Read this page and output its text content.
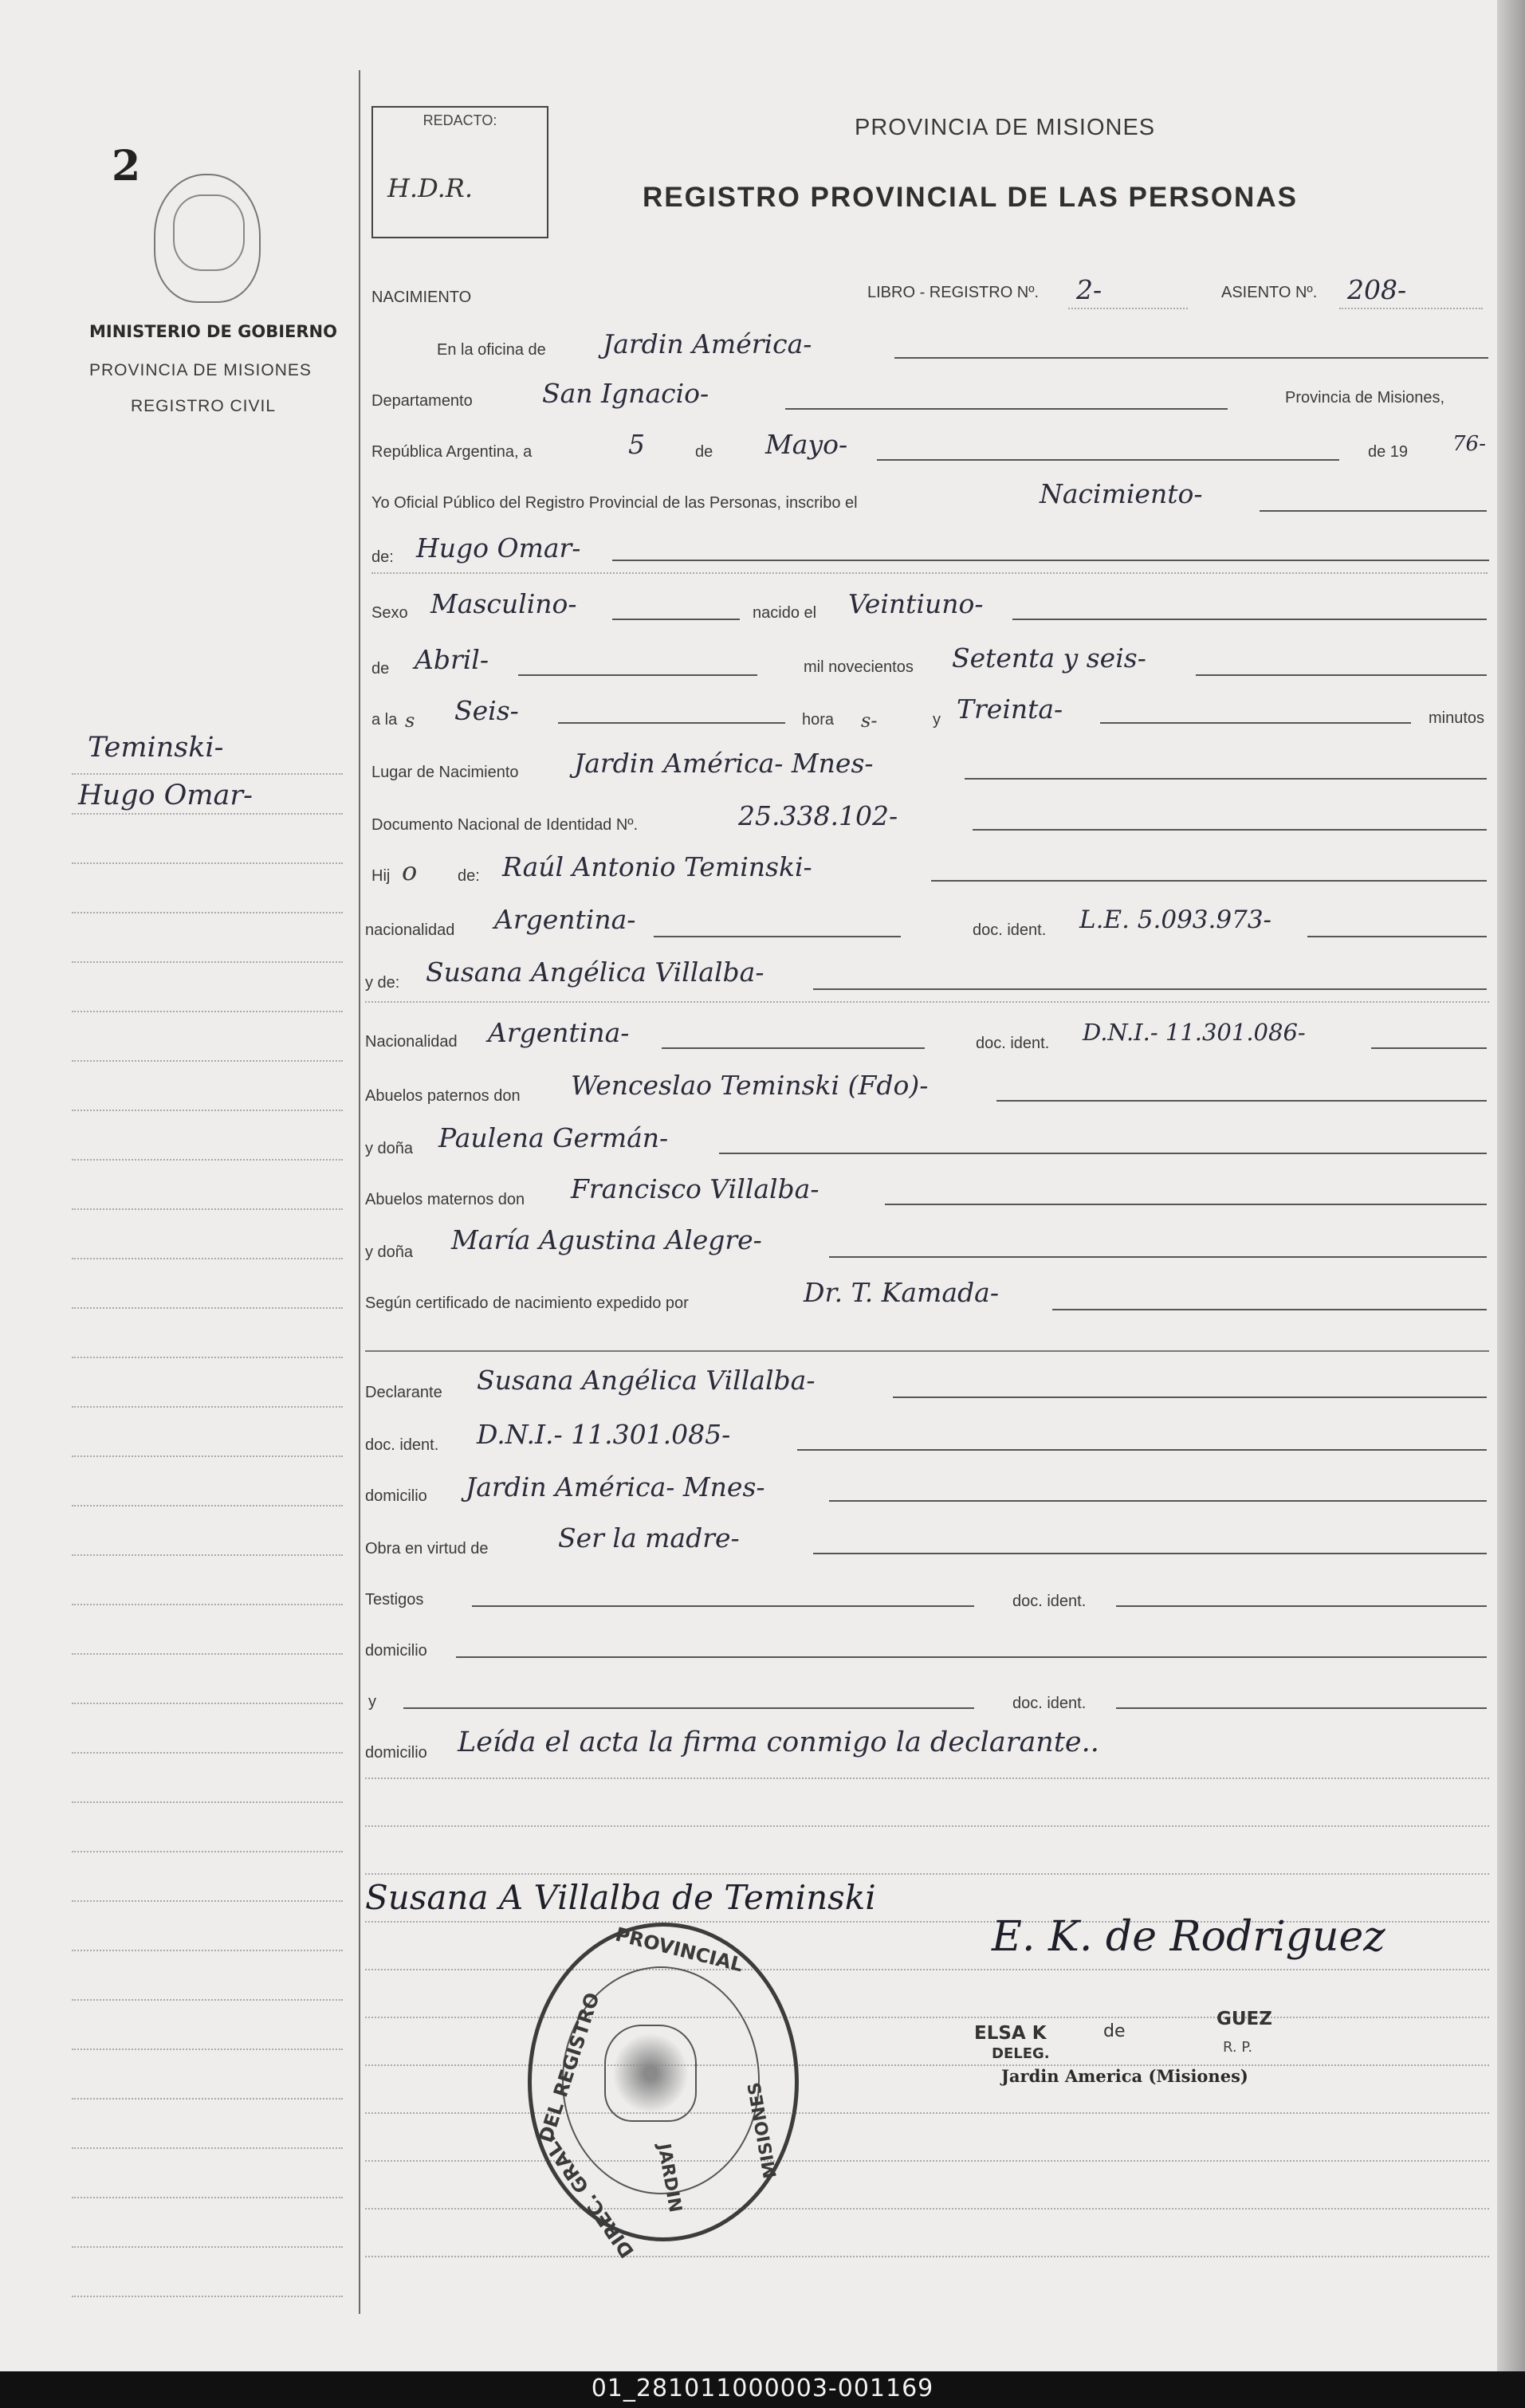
2
MINISTERIO DE GOBIERNO
PROVINCIA DE MISIONES
REGISTRO CIVIL
Teminski-
Hugo Omar-
REDACTO:
H.D.R.
PROVINCIA DE MISIONES
REGISTRO PROVINCIAL DE LAS PERSONAS
NACIMIENTO	LIBRO - REGISTRO Nº. 2-	ASIENTO Nº. 208-
En la oficina de Jardin América-
Departamento	San Ignacio-	Provincia de Misiones,
República Argentina, a	5	de Mayo-	de 19 76-
Yo Oficial Público del Registro Provincial de las Personas, inscribo el	Nacimiento-
de: Hugo Omar-
Sexo Masculino-	nacido el Veintiuno-
de Abril-	mil novecientos Setenta y seis-
a la s Seis-	hora s-	y Treinta-	minutos
Lugar de Nacimiento Jardin América- Mnes-
Documento Nacional de Identidad Nº.	25.338.102-
Hij o	de: Raúl Antonio Teminski-
nacionalidad Argentina-	doc. ident. L.E. 5.093.973-
y de: Susana Angélica Villalba-
Nacionalidad Argentina-	doc. ident. D.N.I.- 11.301.086-
Abuelos paternos don Wenceslao Teminski (Fdo)-
y doña Paulena Germán-
Abuelos maternos don Francisco Villalba-
y doña María Agustina Alegre-
Según certificado de nacimiento expedido por	Dr. T. Kamada-
Declarante Susana Angélica Villalba-
doc. ident. D.N.I.- 11.301.085-
domicilio Jardin América- Mnes-
Obra en virtud de	Ser la madre-
Testigos	doc. ident.
domicilio
y	doc. ident.
domicilio Leída el acta la firma conmigo la declarante..
Susana A Villalba de Teminski
E. K. de Rodriguez
ELSA K	de
GUEZ
DELEG.	R. P.
Jardin America (Misiones)
PROVINCIAL
DEL REGISTRO
DIREC. GRAL. JARDIN	MISIONES
01_281011000003-001169
